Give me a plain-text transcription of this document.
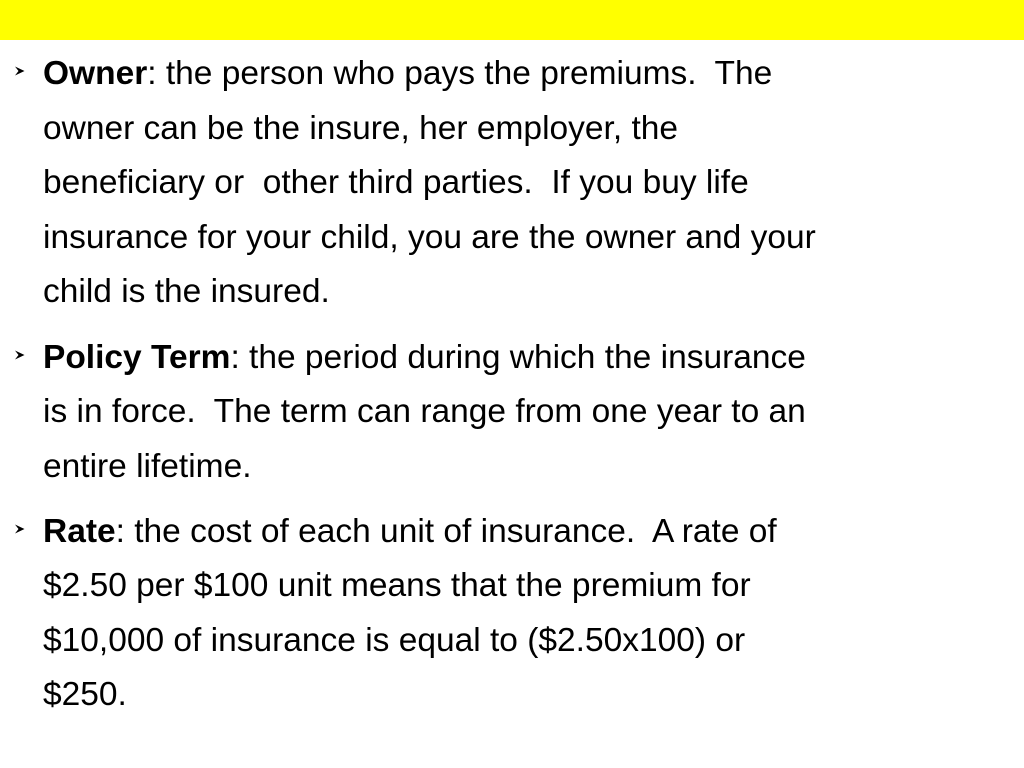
Owner: the person who pays the premiums.  The
owner can be the insure, her employer, the
beneficiary or  other third parties.  If you buy life
insurance for your child, you are the owner and your
child is the insured.
Policy Term: the period during which the insurance
is in force.  The term can range from one year to an
entire lifetime.
Rate: the cost of each unit of insurance.  A rate of
$2.50 per $100 unit means that the premium for
$10,000 of insurance is equal to ($2.50x100) or
$250.
